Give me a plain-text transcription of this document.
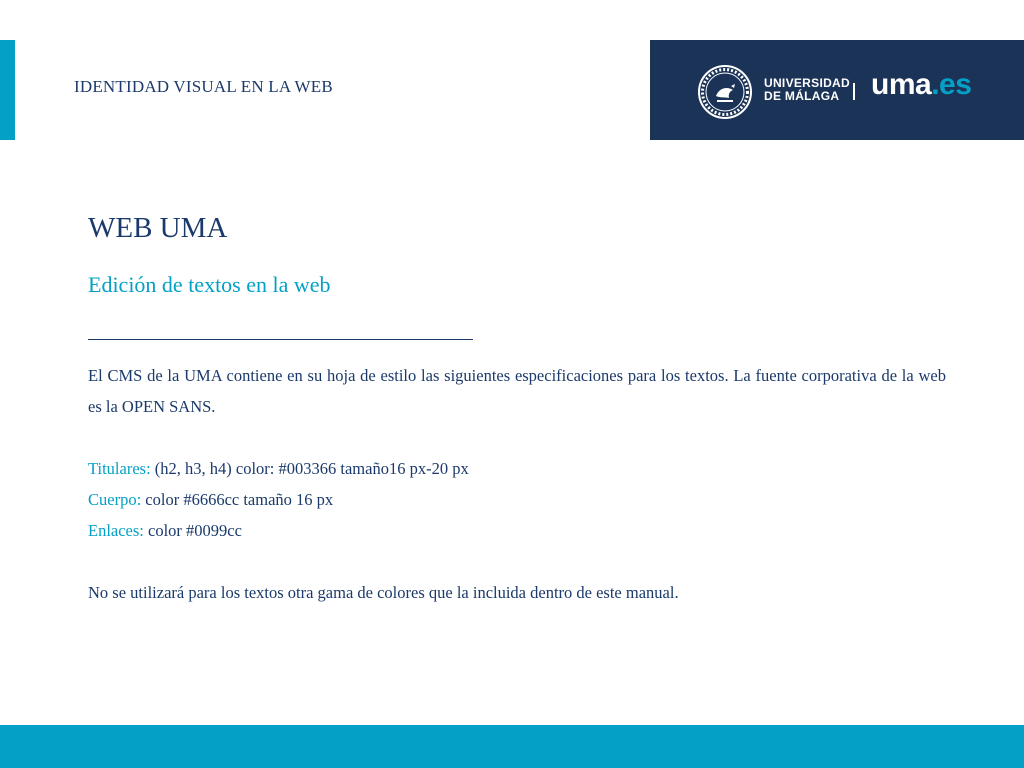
IDENTIDAD VISUAL EN LA WEB	UNIVERSIDAD
DE MÁLAGA	uma.es
WEB UMA
Edición de textos en la web

El CMS de la UMA contiene en su hoja de estilo las siguientes especificaciones para los textos. La fuente corporativa de la web es la OPEN SANS.

Titulares: (h2, h3, h4) color: #003366 tamaño16 px-20 px

Cuerpo: color #6666cc tamaño 16 px

Enlaces: color #0099cc

No se utilizará para los textos otra gama de colores que la incluida dentro de este manual.
